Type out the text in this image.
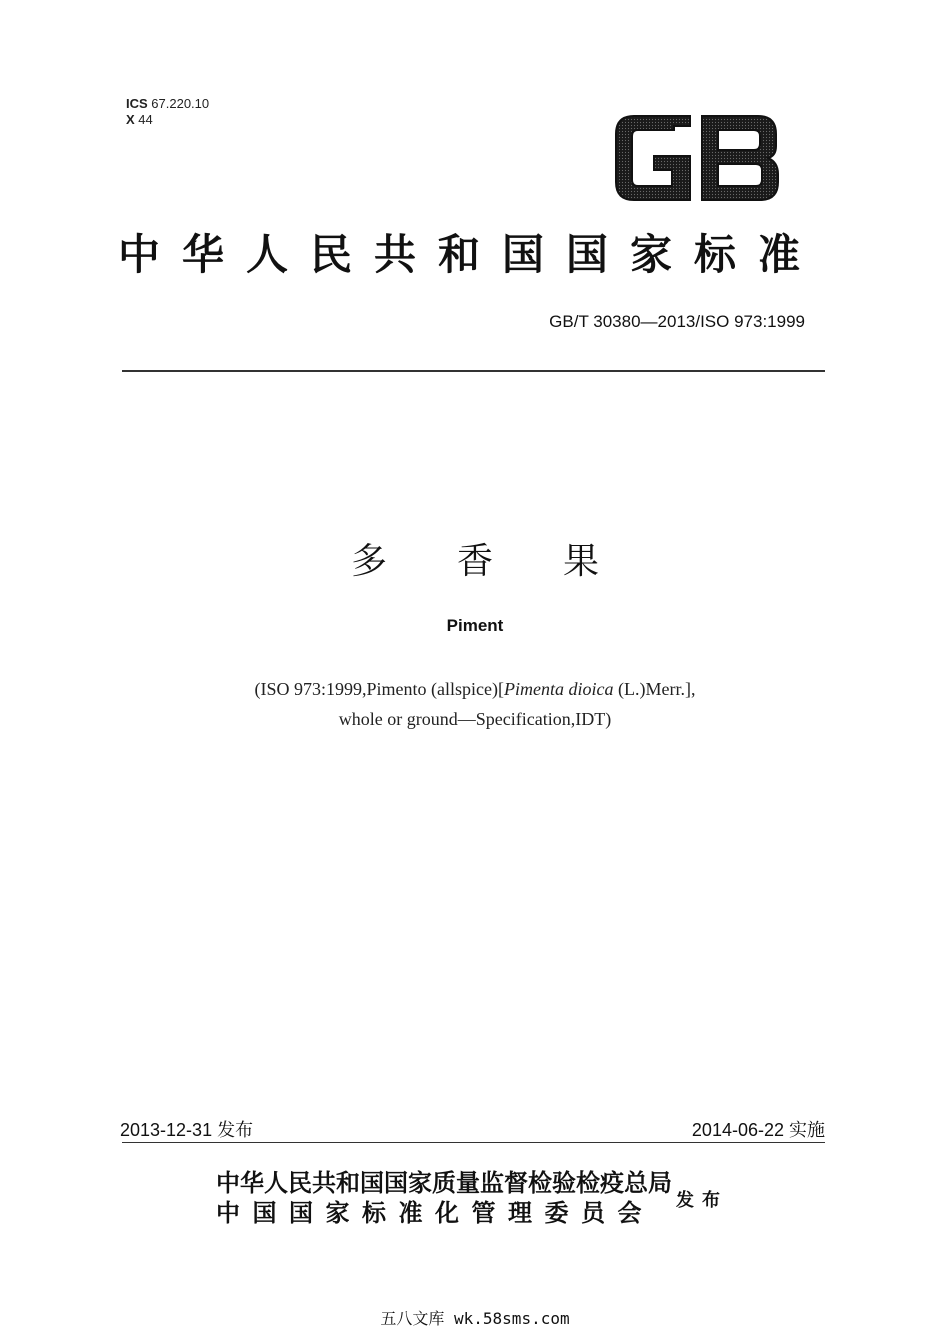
ICS 67.220.10
X 44
中华人民共和国国家标准
GB/T 30380—2013/ISO 973:1999
多香果
Piment
(ISO 973:1999,Pimento (allspice)[Pimenta dioica (L.)Merr.],
whole or ground—Specification,IDT)
2013-12-31 发布	2014-06-22 实施
中华人民共和国国家质量监督检验检疫总局
中国国家标准化管理委员会	发布
五八文库 wk.58sms.com
